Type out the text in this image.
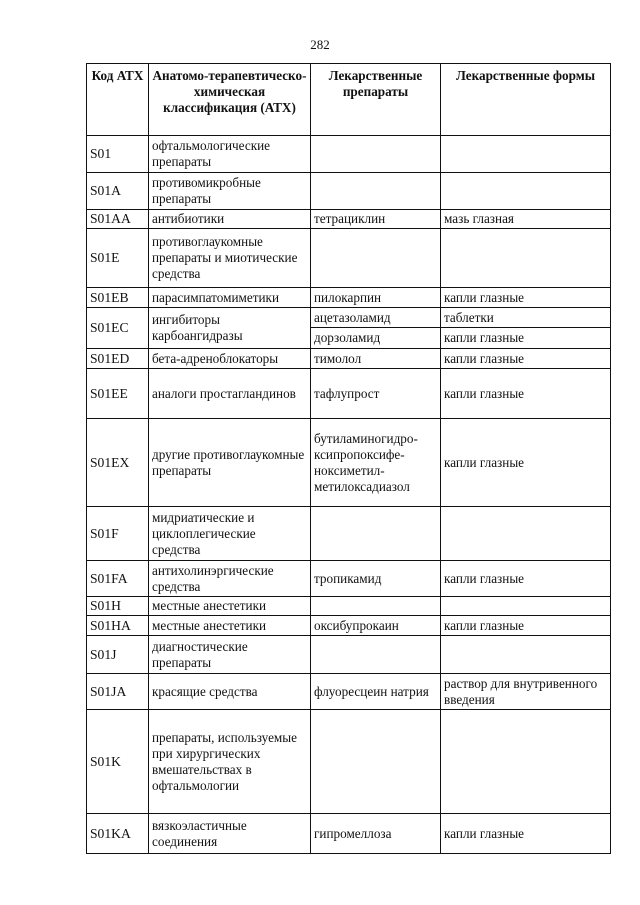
282
Код АТХ	Анатомо-терапевтическо-химическая классификация (АТХ)	Лекарственные препараты	Лекарственные формы
S01	офтальмологические препараты		
S01A	противомикробные препараты		
S01AA	антибиотики	тетрациклин	мазь глазная
S01E	противоглаукомные препараты и миотические средства		
S01EB	парасимпатомиметики	пилокарпин	капли глазные
S01EC	ингибиторы карбоангидразы	ацетазоламид	таблетки
		дорзоламид	капли глазные
S01ED	бета-адреноблокаторы	тимолол	капли глазные
S01EE	аналоги простагландинов	тафлупрост	капли глазные
S01EX	другие противоглаукомные препараты	бутиламиногидро-ксипропоксифе-ноксиметил-метилоксадиазол	капли глазные
S01F	мидриатические и циклоплегические средства		
S01FA	антихолинэргические средства	тропикамид	капли глазные
S01H	местные анестетики		
S01HA	местные анестетики	оксибупрокаин	капли глазные
S01J	диагностические препараты		
S01JA	красящие средства	флуоресцеин натрия	раствор для внутривенного введения
S01K	препараты, используемые при хирургических вмешательствах в офтальмологии		
S01KA	вязкоэластичные соединения	гипромеллоза	капли глазные
